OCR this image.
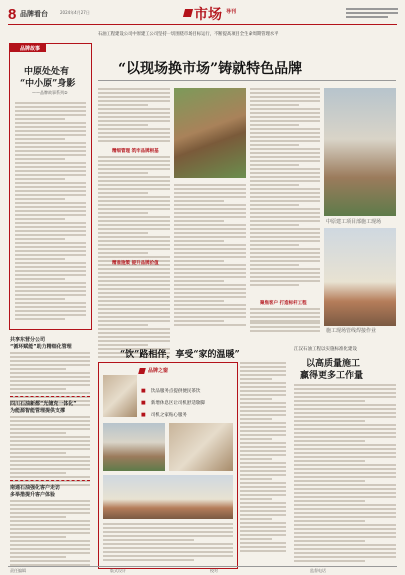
8 品牌看台	2024年4月27日	市场 导刊
品牌故事
中原处处有
“中小原”身影
——品牌故事系列②
共享东营分公司
“循环赋能”助力精细化管理
四川石油新都“光储充一体化”
为能源智能管理提供支撑
南通石油强化客户走访
多举措提升客户体验
石油工程建设公司中原建工公司坚持一切围绕市场目标运行，不断提高项目全生命周期管理水平
“以现场换市场”铸就特色品牌
精细管理 筑牢品牌根基
精准施策 提升品牌价值
聚焦客户 打造标杆工程
中原建工项目部施工现场
施工现场管线焊接作业
“饮”路相伴，享受“家的温暖”
品牌之窗
■ 饮品服务点提供便民茶饮
■ 新增休息区让司机舒适歇脚
■ 司机之家贴心服务
江汉石油工程以实施标准化建设
以高质量施工
赢得更多工作量
责任编辑	版式设计	校对	监督电话
